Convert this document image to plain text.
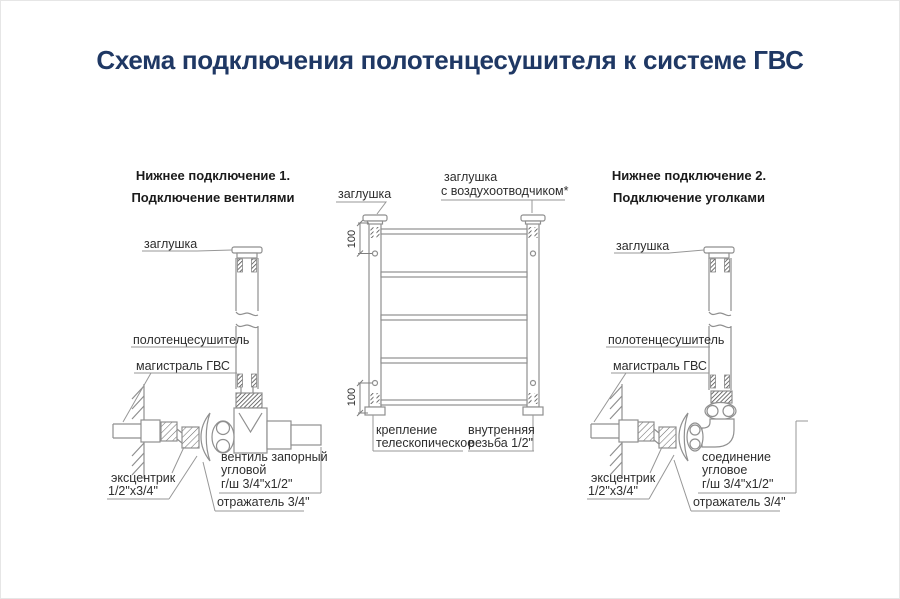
Схема подключения полотенцесушителя к системе ГВС
Нижнее подключение 1.
Подключение вентилями
Нижнее подключение 2.
Подключение уголками
заглушка
полотенцесушитель
магистраль ГВС
эксцентрик
1/2"х3/4"
вентиль запорный
угловой
г/ш 3/4"х1/2"
отражатель 3/4"
заглушка
заглушка
с воздухоотводчиком*
100
100
крепление
телескопическое
внутренняя
резьба 1/2"
заглушка
полотенцесушитель
магистраль ГВС
эксцентрик
1/2"х3/4"
соединение
угловое
г/ш 3/4"х1/2"
отражатель 3/4"
